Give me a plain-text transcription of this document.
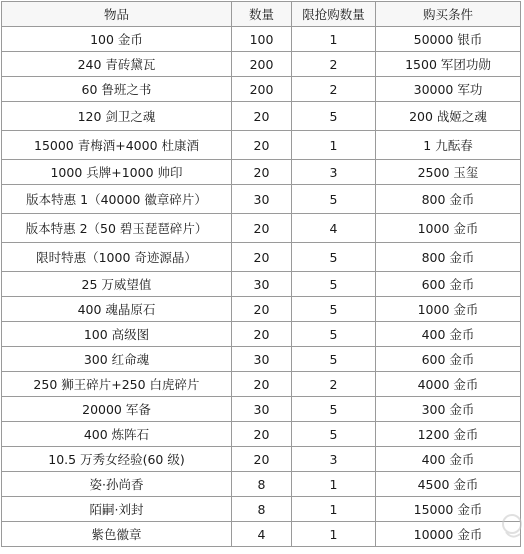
物品	数量	限抢购数量	购买条件
100 金币	100	1	50000 银币
240 青砖黛瓦	200	2	1500 军团功勋
60 鲁班之书	200	2	30000 军功
120 剑卫之魂	20	5	200 战姬之魂
15000 青梅酒+4000 杜康酒	20	1	1 九酝春
1000 兵牌+1000 帅印	20	3	2500 玉玺
版本特惠 1（40000 徽章碎片）	30	5	800 金币
版本特惠 2（50 碧玉琵琶碎片）	20	4	1000 金币
限时特惠（1000 奇迹源晶）	20	5	800 金币
25 万威望值	30	5	600 金币
400 魂晶原石	20	5	1000 金币
100 高级图	20	5	400 金币
300 红命魂	30	5	600 金币
250 狮王碎片+250 白虎碎片	20	2	4000 金币
20000 军备	30	5	300 金币
400 炼阵石	20	5	1200 金币
10.5 万秀女经验(60 级)	20	3	400 金币
姿·孙尚香	8	1	4500 金币
陌嗣·刘封	8	1	15000 金币
紫色徽章	4	1	10000 金币
